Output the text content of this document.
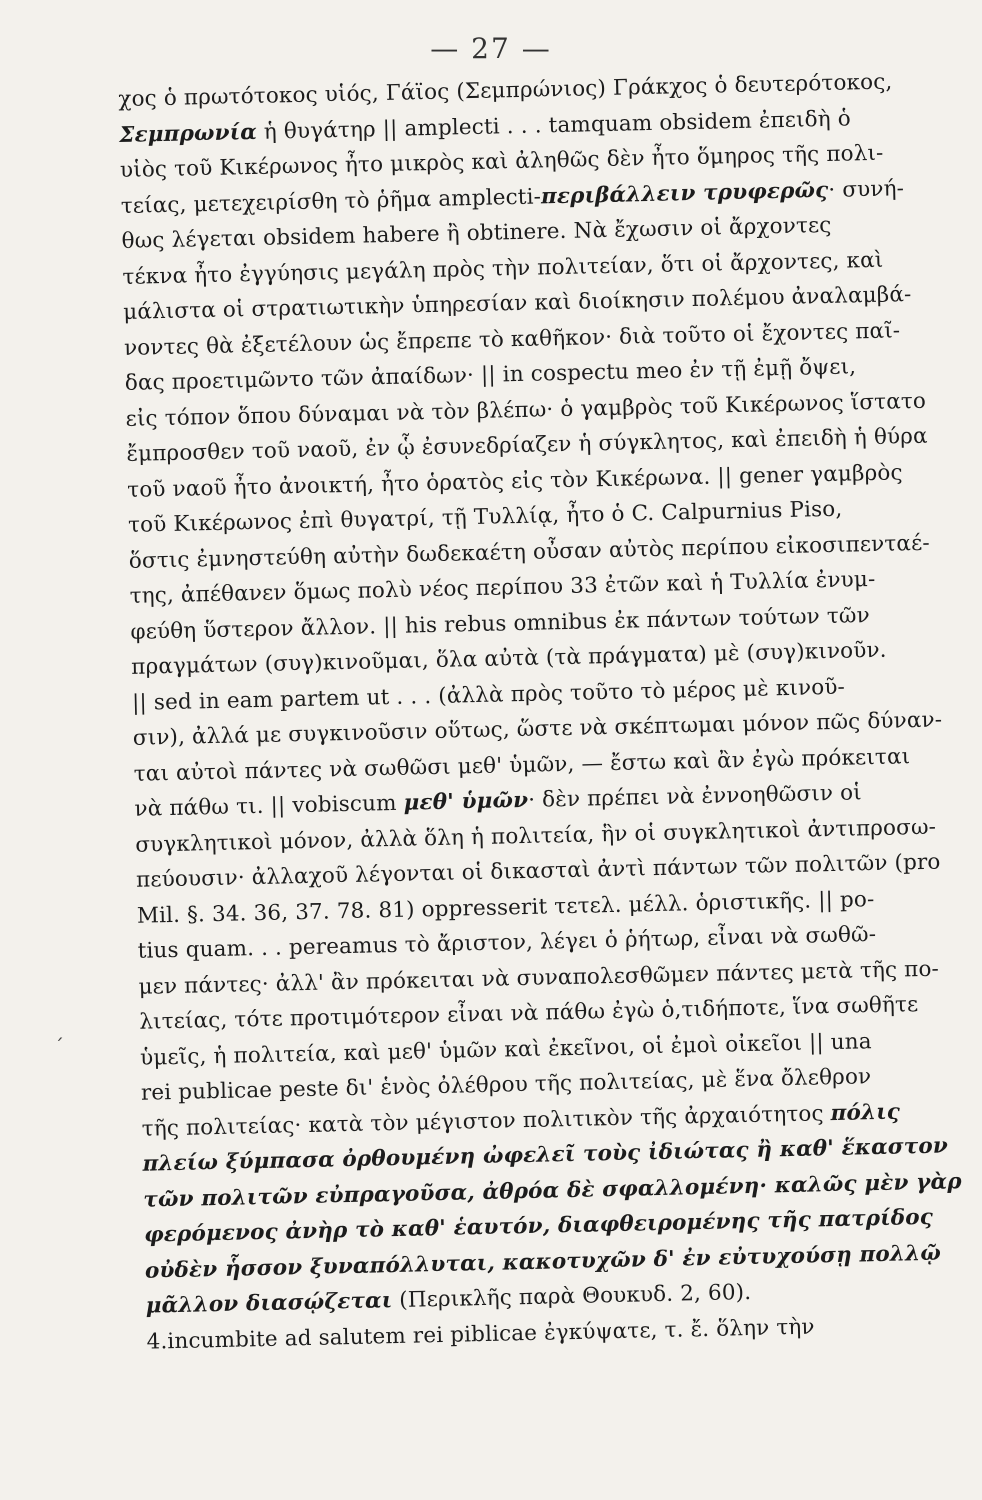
— 27 —
´
χος ὁ πρωτότοκος υἱός, Γάϊος (Σεμπρώνιος) Γράκχος ὁ δευτερότοκος,
Σεμπρωνία ἡ θυγάτηρ || amplecti . . . tamquam obsidem ἐπειδὴ ὁ
υἱὸς τοῦ Κικέρωνος ἦτο μικρὸς καὶ ἀληθῶς δὲν ἦτο ὅμηρος τῆς πολι-
τείας, μετεχειρίσθη τὸ ῥῆμα amplecti-περιβάλλειν τρυφερῶς· συνή-
θως λέγεται obsidem habere ἢ obtinere. Νὰ ἔχωσιν οἱ ἄρχοντες
τέκνα ἦτο ἐγγύησις μεγάλη πρὸς τὴν πολιτείαν, ὅτι οἱ ἄρχοντες, καὶ
μάλιστα οἱ στρατιωτικὴν ὑπηρεσίαν καὶ διοίκησιν πολέμου ἀναλαμβά-
νοντες θὰ ἐξετέλουν ὡς ἔπρεπε τὸ καθῆκον· διὰ τοῦτο οἱ ἔχοντες παῖ-
δας προετιμῶντο τῶν ἀπαίδων· || in cospectu meo ἐν τῇ ἐμῇ ὄψει,
εἰς τόπον ὅπου δύναμαι νὰ τὸν βλέπω· ὁ γαμβρὸς τοῦ Κικέρωνος ἵστατο
ἔμπροσθεν τοῦ ναοῦ, ἐν ᾧ ἐσυνεδρίαζεν ἡ σύγκλητος, καὶ ἐπειδὴ ἡ θύρα
τοῦ ναοῦ ἦτο ἀνοικτή, ἦτο ὁρατὸς εἰς τὸν Κικέρωνα. || gener γαμβρὸς
τοῦ Κικέρωνος ἐπὶ θυγατρί, τῇ Τυλλίᾳ, ἦτο ὁ C. Calpurnius Piso,
ὅστις ἐμνηστεύθη αὐτὴν δωδεκαέτη οὖσαν αὐτὸς περίπου εἰκοσιπενταέ-
της, ἀπέθανεν ὅμως πολὺ νέος περίπου 33 ἐτῶν καὶ ἡ Τυλλία ἐνυμ-
φεύθη ὕστερον ἄλλον. || his rebus omnibus ἐκ πάντων τούτων τῶν
πραγμάτων (συγ)κινοῦμαι, ὅλα αὐτὰ (τὰ πράγματα) μὲ (συγ)κινοῦν.
|| sed in eam partem ut . . . (ἀλλὰ πρὸς τοῦτο τὸ μέρος μὲ κινοῦ-
σιν), ἀλλά με συγκινοῦσιν οὕτως, ὥστε νὰ σκέπτωμαι μόνον πῶς δύναν-
ται αὐτοὶ πάντες νὰ σωθῶσι μεθ' ὑμῶν, — ἔστω καὶ ἂν ἐγὼ πρόκειται
νὰ πάθω τι. || vobiscum μεθ' ὑμῶν· δὲν πρέπει νὰ ἐννοηθῶσιν οἱ
συγκλητικοὶ μόνον, ἀλλὰ ὅλη ἡ πολιτεία, ἣν οἱ συγκλητικοὶ ἀντιπροσω-
πεύουσιν· ἀλλαχοῦ λέγονται οἱ δικασταὶ ἀντὶ πάντων τῶν πολιτῶν (pro
Mil. §. 34. 36, 37. 78. 81) oppresserit τετελ. μέλλ. ὁριστικῆς. || po-
tius quam. . . pereamus τὸ ἄριστον, λέγει ὁ ῥήτωρ, εἶναι νὰ σωθῶ-
μεν πάντες· ἀλλ' ἂν πρόκειται νὰ συναπολεσθῶμεν πάντες μετὰ τῆς πο-
λιτείας, τότε προτιμότερον εἶναι νὰ πάθω ἐγὼ ὁ,τιδήποτε, ἵνα σωθῆτε
ὑμεῖς, ἡ πολιτεία, καὶ μεθ' ὑμῶν καὶ ἐκεῖνοι, οἱ ἐμοὶ οἰκεῖοι || una
rei publicae peste δι' ἑνὸς ὀλέθρου τῆς πολιτείας, μὲ ἕνα ὄλεθρον
τῆς πολιτείας· κατὰ τὸν μέγιστον πολιτικὸν τῆς ἀρχαιότητος πόλις
πλείω ξύμπασα ὀρθουμένη ὠφελεῖ τοὺς ἰδιώτας ἢ καθ' ἕκαστον
τῶν πολιτῶν εὐπραγοῦσα, ἀθρόα δὲ σφαλλομένη· καλῶς μὲν γὰρ
φερόμενος ἀνὴρ τὸ καθ' ἑαυτόν, διαφθειρομένης τῆς πατρίδος
οὐδὲν ἧσσον ξυναπόλλυται, κακοτυχῶν δ' ἐν εὐτυχούσῃ πολλῷ
μᾶλλον διασῴζεται (Περικλῆς παρὰ Θουκυδ. 2, 60).
4.incumbite ad salutem rei piblicae ἐγκύψατε, τ. ἔ. ὅλην τὴν
